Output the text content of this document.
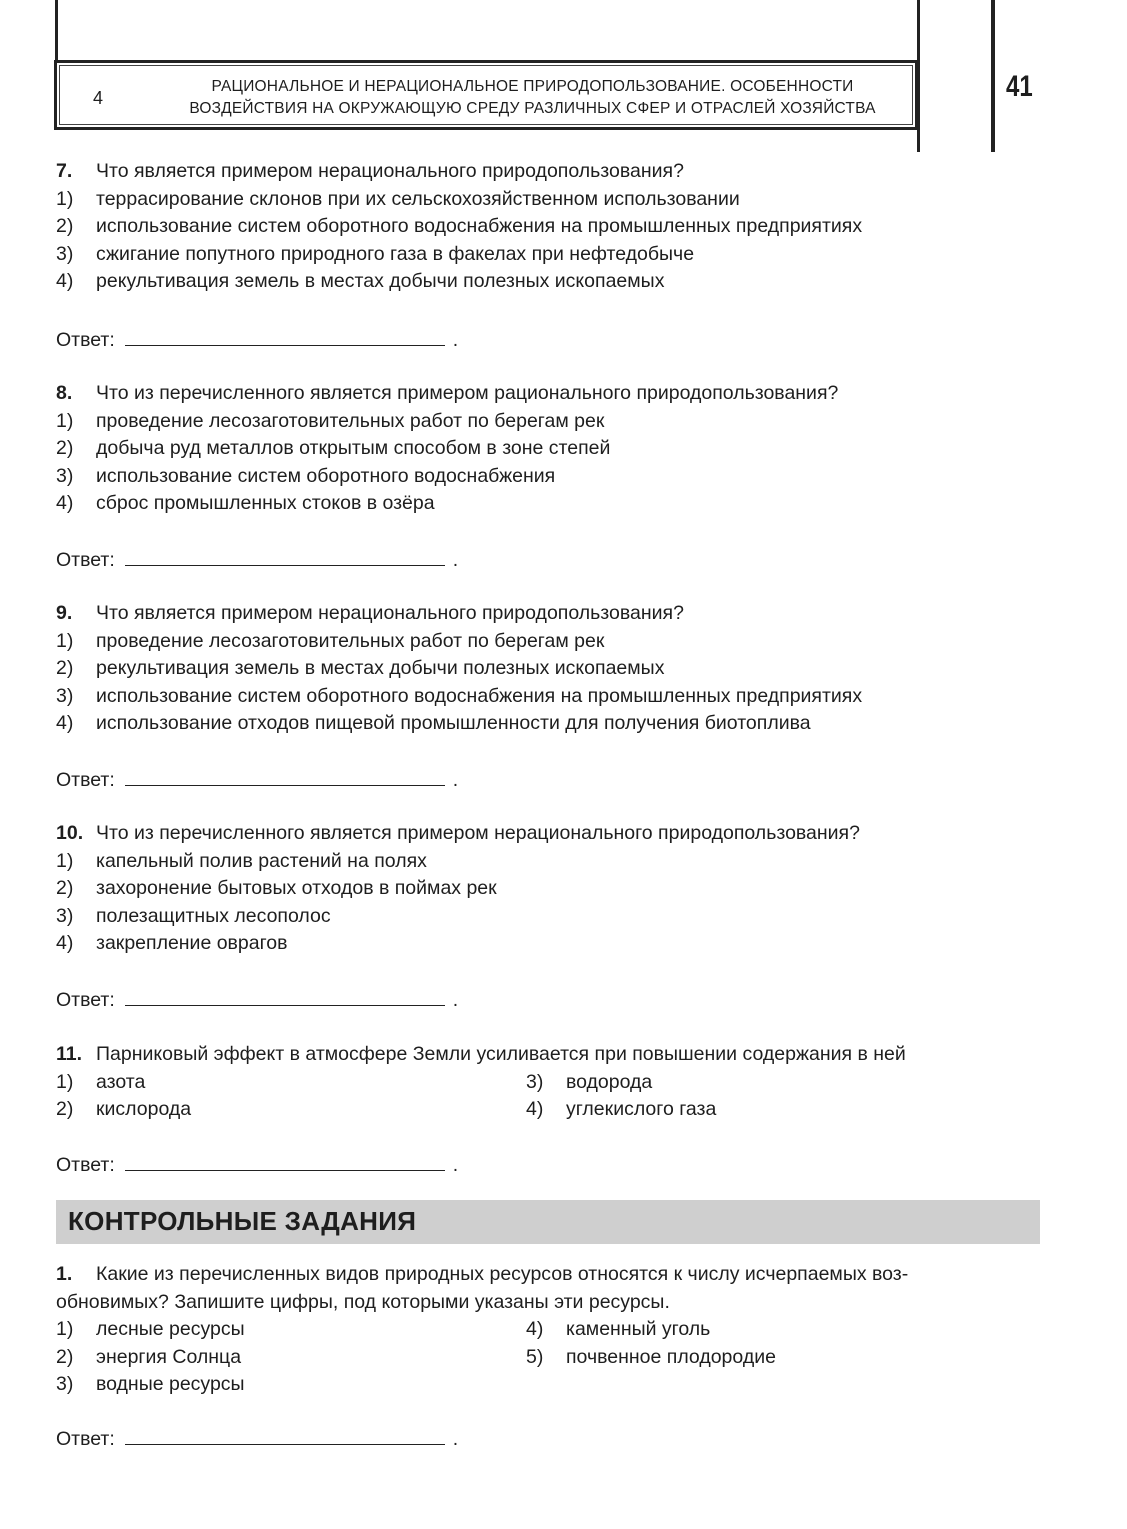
4
РАЦИОНАЛЬНОЕ И НЕРАЦИОНАЛЬНОЕ ПРИРОДОПОЛЬЗОВАНИЕ. ОСОБЕННОСТИ
ВОЗДЕЙСТВИЯ НА ОКРУЖАЮЩУЮ СРЕДУ РАЗЛИЧНЫХ СФЕР И ОТРАСЛЕЙ ХОЗЯЙСТВА
41
7. Что является примером нерационального природопользования?
1) террасирование склонов при их сельскохозяйственном использовании
2) использование систем оборотного водоснабжения на промышленных предприятиях
3) сжигание попутного природного газа в факелах при нефтедобыче
4) рекультивация земель в местах добычи полезных ископаемых
Ответ:	.
8. Что из перечисленного является примером рационального природопользования?
1) проведение лесозаготовительных работ по берегам рек
2) добыча руд металлов открытым способом в зоне степей
3) использование систем оборотного водоснабжения
4) сброс промышленных стоков в озёра
Ответ:	.
9. Что является примером нерационального природопользования?
1) проведение лесозаготовительных работ по берегам рек
2) рекультивация земель в местах добычи полезных ископаемых
3) использование систем оборотного водоснабжения на промышленных предприятиях
4) использование отходов пищевой промышленности для получения биотоплива
Ответ:	.
10. Что из перечисленного является примером нерационального природопользования?
1) капельный полив растений на полях
2) захоронение бытовых отходов в поймах рек
3) полезащитных лесополос
4) закрепление оврагов
Ответ:	.
11. Парниковый эффект в атмосфере Земли усиливается при повышении содержания в ней
1) азота	3) водорода
2) кислорода	4) углекислого газа
Ответ:	.
КОНТРОЛЬНЫЕ ЗАДАНИЯ
1. Какие из перечисленных видов природных ресурсов относятся к числу исчерпаемых воз-
обновимых? Запишите цифры, под которыми указаны эти ресурсы.
1) лесные ресурсы	4) каменный уголь
2) энергия Солнца	5) почвенное плодородие
3) водные ресурсы
Ответ:	.
